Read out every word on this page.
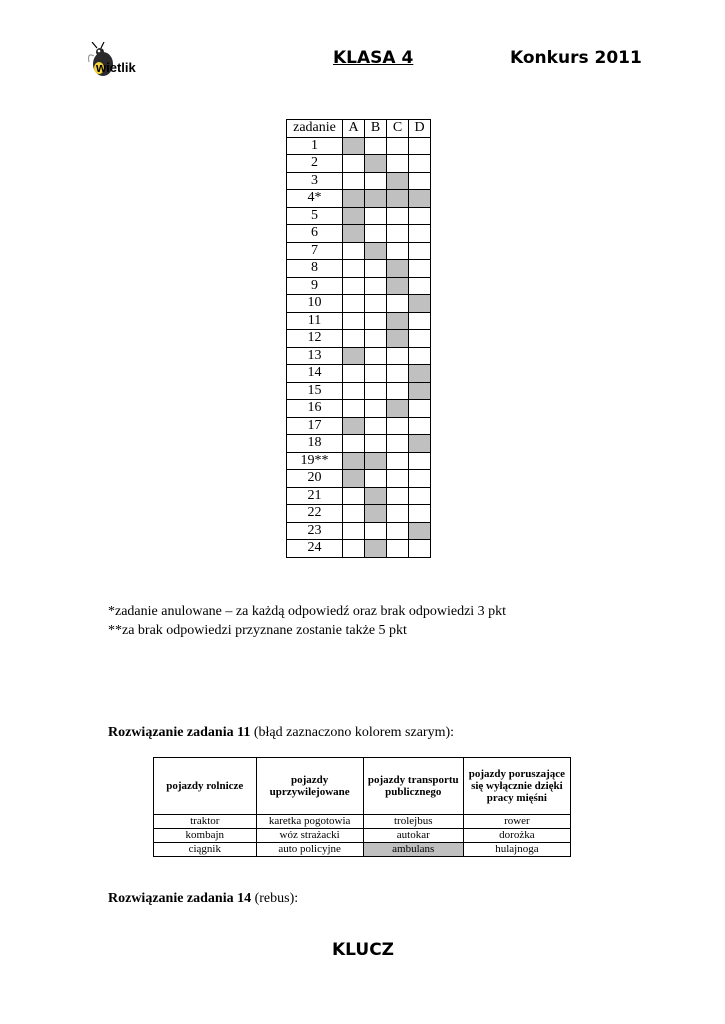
wietlik	KLASA 4	Konkurs 2011
zadanie	A	B	C	D
1				
2				
3				
4*				
5				
6				
7				
8				
9				
10				
11				
12				
13				
14				
15				
16				
17				
18				
19**				
20				
21				
22				
23				
24				
*zadanie anulowane – za każdą odpowiedź oraz brak odpowiedzi 3 pkt
**za brak odpowiedzi przyznane zostanie także 5 pkt
Rozwiązanie zadania 11 (błąd zaznaczono kolorem szarym):
pojazdy rolnicze	pojazdy uprzywilejowane	pojazdy transportu publicznego	pojazdy poruszające się wyłącznie dzięki pracy mięśni
traktor	karetka pogotowia	trolejbus	rower
kombajn	wóz strażacki	autokar	dorożka
ciągnik	auto policyjne	ambulans	hulajnoga
Rozwiązanie zadania 14 (rebus):
KLUCZ
